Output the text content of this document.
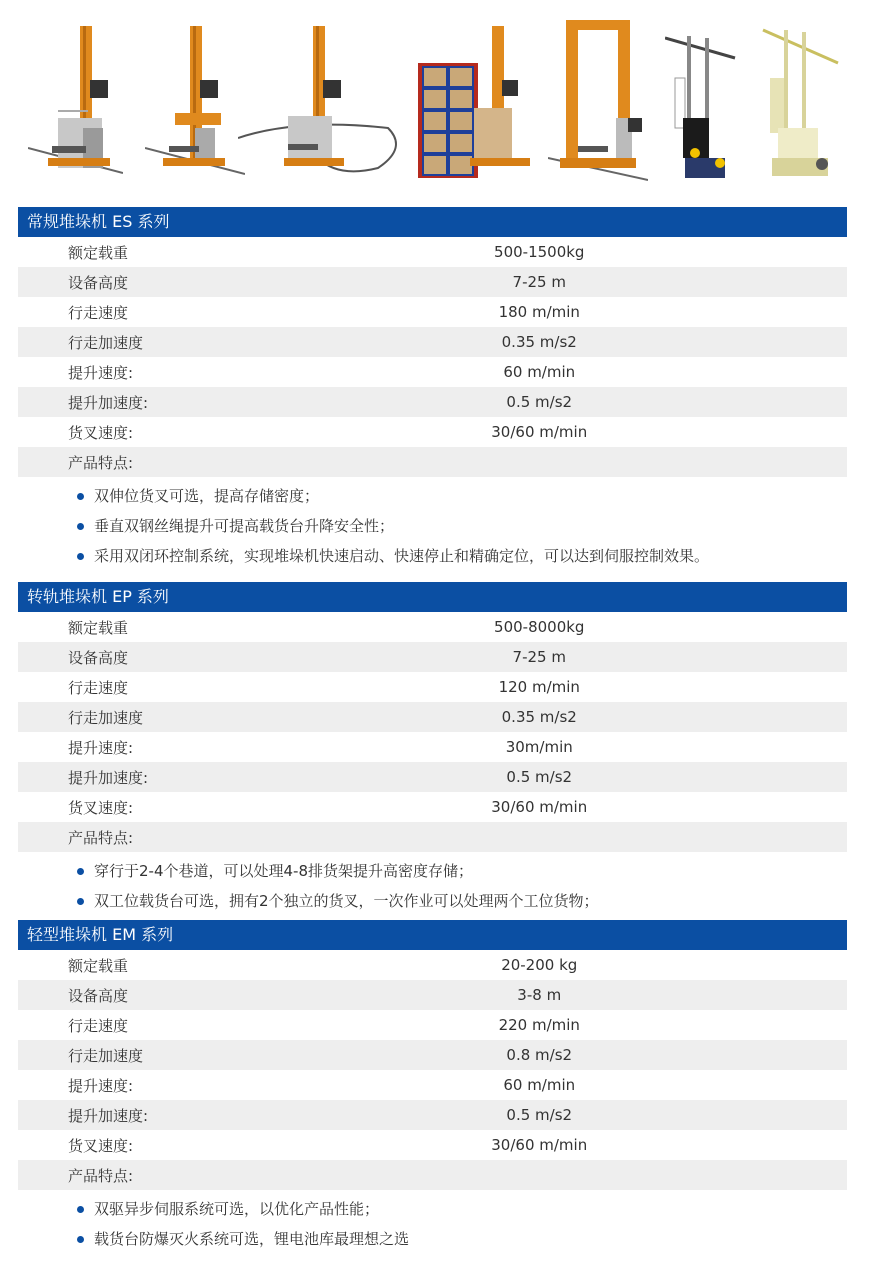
常规堆垛机 ES 系列
额定载重	500-1500kg
设备高度	7-25 m
行走速度	180 m/min
行走加速度	0.35 m/s2
提升速度:	60 m/min
提升加速度:	0.5 m/s2
货叉速度:	30/60 m/min
产品特点:
双伸位货叉可选，提高存储密度；
垂直双钢丝绳提升可提高载货台升降安全性；
采用双闭环控制系统，实现堆垛机快速启动、快速停止和精确定位，可以达到伺服控制效果。
转轨堆垛机 EP 系列
额定载重	500-8000kg
设备高度	7-25 m
行走速度	120 m/min
行走加速度	0.35 m/s2
提升速度:	30m/min
提升加速度:	0.5 m/s2
货叉速度:	30/60 m/min
产品特点:
穿行于2-4个巷道，可以处理4-8排货架提升高密度存储；
双工位载货台可选，拥有2个独立的货叉，一次作业可以处理两个工位货物；
轻型堆垛机 EM 系列
额定载重	20-200 kg
设备高度	3-8 m
行走速度	220 m/min
行走加速度	0.8 m/s2
提升速度:	60 m/min
提升加速度:	0.5 m/s2
货叉速度:	30/60 m/min
产品特点:
双驱异步伺服系统可选，以优化产品性能；
载货台防爆灭火系统可选，锂电池库最理想之选
